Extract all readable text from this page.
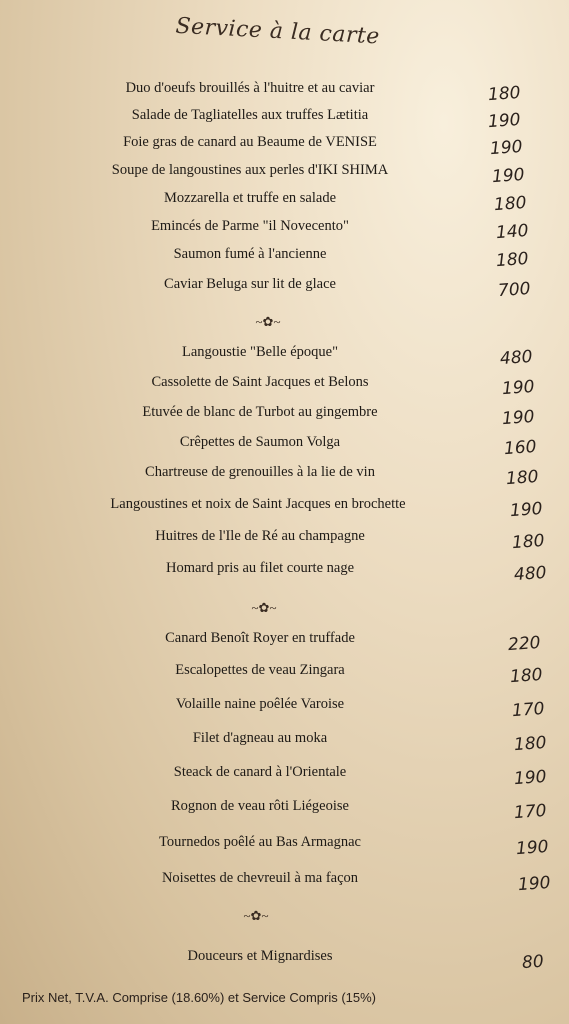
Service à la carte
Duo d'oeufs brouillés à l'huitre et au caviar	180
Salade de Tagliatelles aux truffes Lætitia	190
Foie gras de canard au Beaume de VENISE	190
Soupe de langoustines aux perles d'IKI SHIMA	190
Mozzarella et truffe en salade	180
Emincés de Parme "il Novecento"	140
Saumon fumé à l'ancienne	180
Caviar Beluga sur lit de glace	700
~✿~
Langoustie "Belle époque"	480
Cassolette de Saint Jacques et Belons	190
Etuvée de blanc de Turbot au gingembre	190
Crêpettes de Saumon Volga	160
Chartreuse de grenouilles à la lie de vin	180
Langoustines et noix de Saint Jacques en brochette	190
Huitres de l'Ile de Ré au champagne	180
Homard pris au filet courte nage	480
~✿~
Canard Benoît Royer en truffade	220
Escalopettes de veau Zingara	180
Volaille naine poêlée Varoise	170
Filet d'agneau au moka	180
Steack de canard à l'Orientale	190
Rognon de veau rôti Liégeoise	170
Tournedos poêlé au Bas Armagnac	190
Noisettes de chevreuil à ma façon	190
~✿~
Douceurs et Mignardises	80
Prix Net, T.V.A. Comprise (18.60%) et Service Compris (15%)
